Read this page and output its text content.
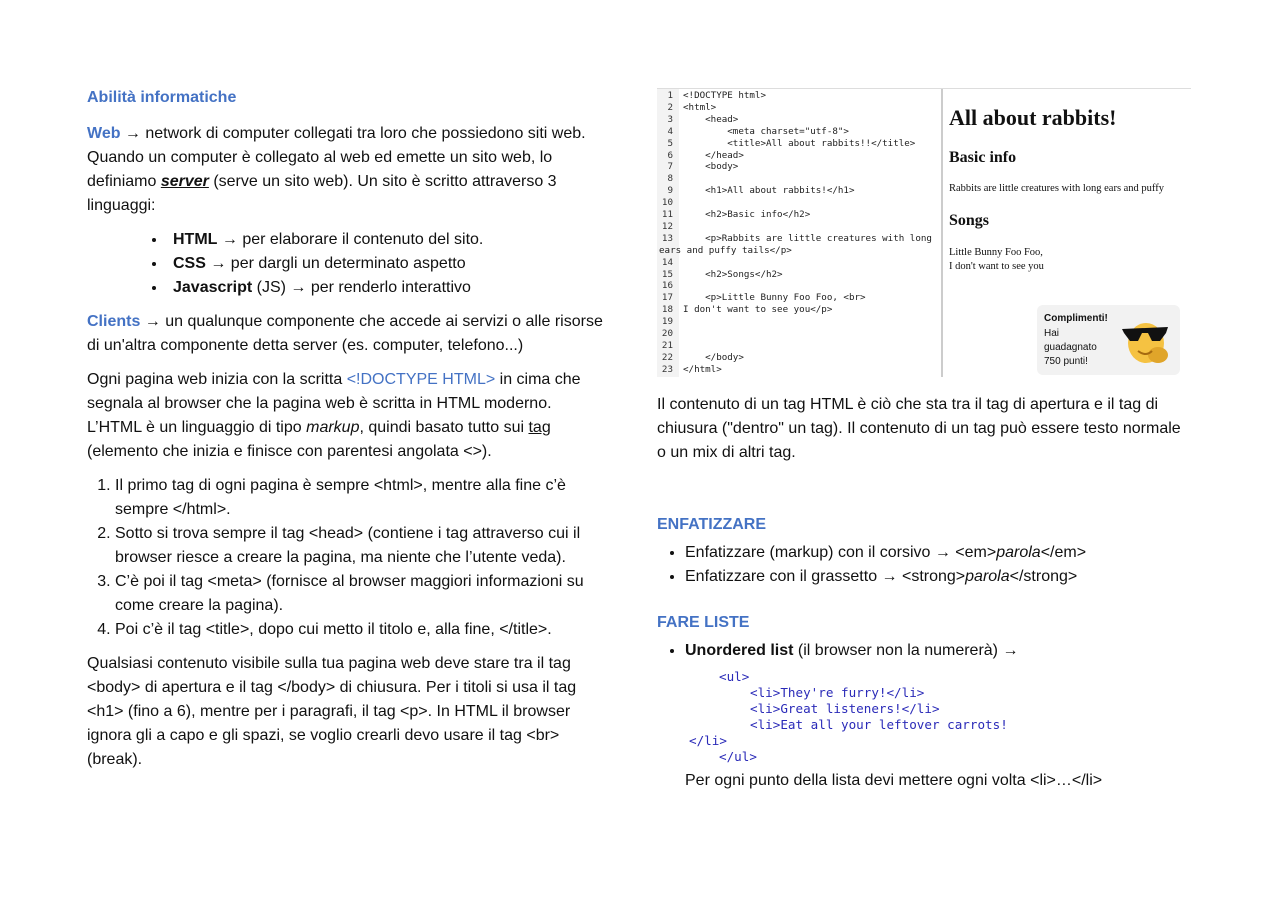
Abilità informatiche

Web → network di computer collegati tra loro che possiedono siti web. Quando un computer è collegato al web ed emette un sito web, lo definiamo server (serve un sito web). Un sito è scritto attraverso 3 linguaggi:

• HTML → per elaborare il contenuto del sito.
• CSS → per dargli un determinato aspetto
• Javascript (JS) → per renderlo interattivo

Clients → un qualunque componente che accede ai servizi o alle risorse di un'altra componente detta server (es. computer, telefono...)

Ogni pagina web inizia con la scritta <!DOCTYPE HTML> in cima che segnala al browser che la pagina web è scritta in HTML moderno. L’HTML è un linguaggio di tipo markup, quindi basato tutto sui tag (elemento che inizia e finisce con parentesi angolata <>).

1. Il primo tag di ogni pagina è sempre <html>, mentre alla fine c’è sempre </html>.
2. Sotto si trova sempre il tag <head> (contiene i tag attraverso cui il browser riesce a creare la pagina, ma niente che l’utente veda).
3. C’è poi il tag <meta> (fornisce al browser maggiori informazioni su come creare la pagina).
4. Poi c’è il tag <title>, dopo cui metto il titolo e, alla fine, </title>.

Qualsiasi contenuto visibile sulla tua pagina web deve stare tra il tag <body> di apertura e il tag </body> di chiusura. Per i titoli si usa il tag <h1> (fino a 6), mentre per i paragrafi, il tag <p>. In HTML il browser ignora gli a capo e gli spazi, se voglio crearli devo usare il tag <br> (break).

1 <!DOCTYPE html>
2 <html>
3 <head>
4 <meta charset="utf-8">
5 <title>All about rabbits!!</title>
6 </head>
7 <body>
8
9 <h1>All about rabbits!</h1>
10
11 <h2>Basic info</h2>
12
13 <p>Rabbits are little creatures with long
ears and puffy tails</p>
14
15 <h2>Songs</h2>
16
17 <p>Little Bunny Foo Foo, <br>
18 I don't want to see you</p>
19
20
21
22 </body>
23 </html>
All about rabbits!
Basic info
Rabbits are little creatures with long ears and puffy
Songs
Little Bunny Foo Foo,
I don't want to see you
Complimenti!
Hai guadagnato 750 punti!

Il contenuto di un tag HTML è ciò che sta tra il tag di apertura e il tag di chiusura ("dentro" un tag). Il contenuto di un tag può essere testo normale o un mix di altri tag.

ENFATIZZARE
• Enfatizzare (markup) con il corsivo → <em>parola</em>
• Enfatizzare con il grassetto → <strong>parola</strong>
FARE LISTE
• Unordered list (il browser non la numererà) →
<ul>
<li>They're furry!</li>
<li>Great listeners!</li>
<li>Eat all your leftover carrots!
</li>
</ul>
Per ogni punto della lista devi mettere ogni volta <li>…</li>
